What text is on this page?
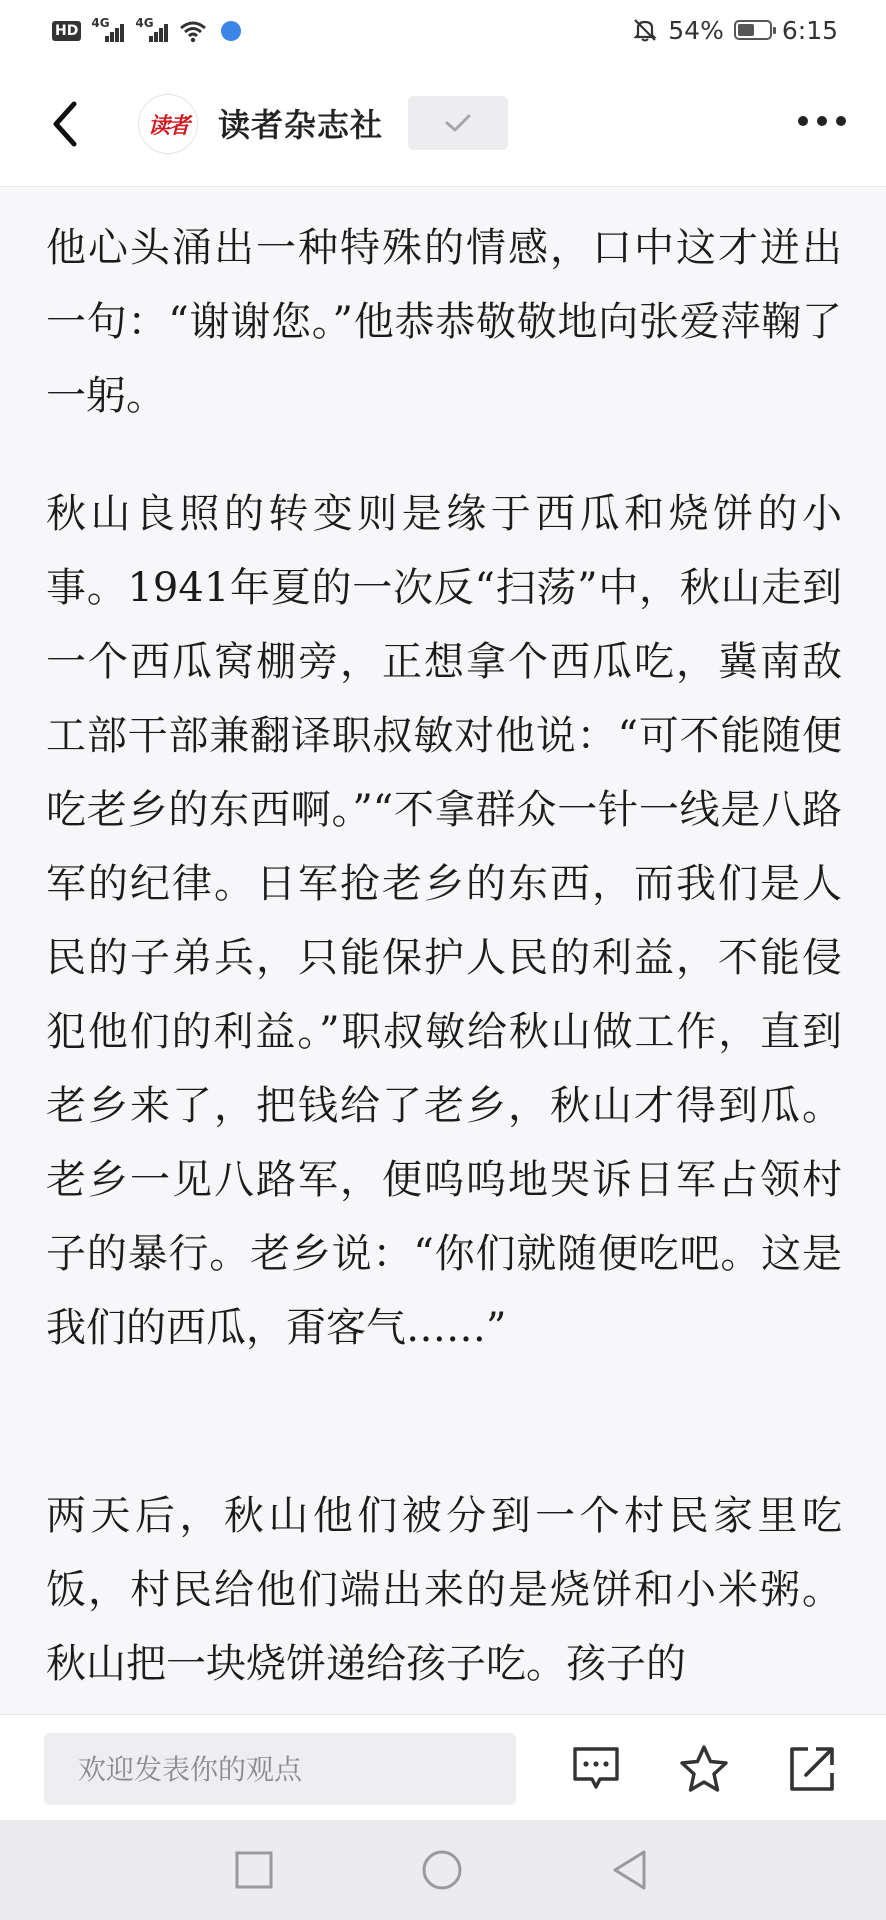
HD 4G 4G	54% 6:15
读者 读者杂志社
他心头涌出一种特殊的情感，口中这才迸出一句：“谢谢您。”他恭恭敬敬地向张爱萍鞠了一躬。
秋山良照的转变则是缘于西瓜和烧饼的小事。1941年夏的一次反“扫荡”中，秋山走到一个西瓜窝棚旁，正想拿个西瓜吃，冀南敌工部干部兼翻译职叔敏对他说：“可不能随便吃老乡的东西啊。”“不拿群众一针一线是八路军的纪律。日军抢老乡的东西，而我们是人民的子弟兵，只能保护人民的利益，不能侵犯他们的利益。”职叔敏给秋山做工作，直到老乡来了，把钱给了老乡，秋山才得到瓜。老乡一见八路军，便呜呜地哭诉日军占领村子的暴行。老乡说：“你们就随便吃吧。这是我们的西瓜，甭客气……”
两天后，秋山他们被分到一个村民家里吃饭，村民给他们端出来的是烧饼和小米粥。秋山把一块烧饼递给孩子吃。孩子的
欢迎发表你的观点
